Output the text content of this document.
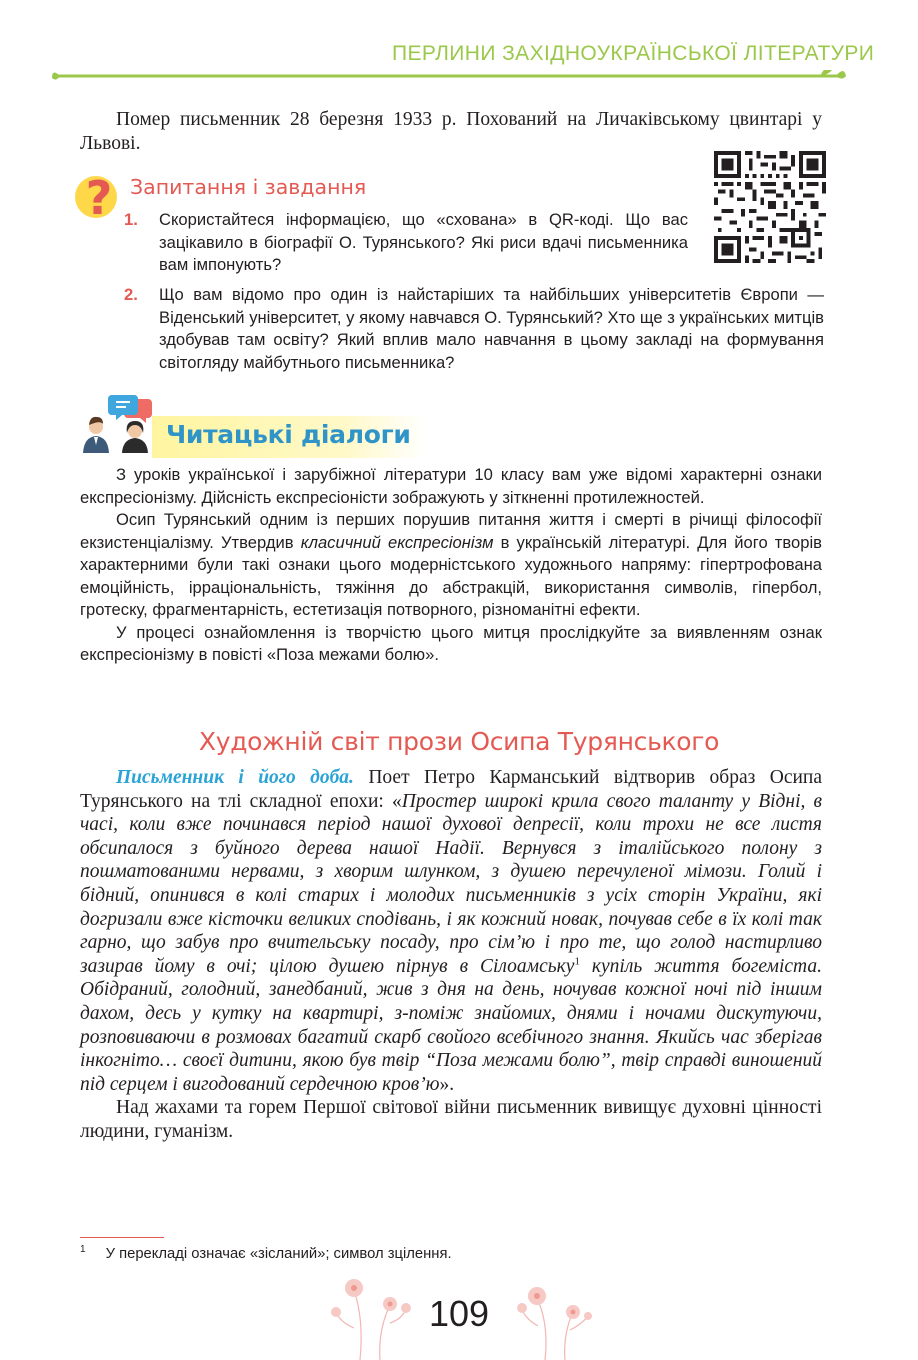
ПЕРЛИНИ ЗАХІДНОУКРАЇНСЬКОЇ ЛІТЕРАТУРИ

Помер письменник 28 березня 1933 р. Похований на Личаківському цвинтарі у Львові.

? Запитання і завдання
1. Скористайтеся інформацією, що «схована» в QR-коді. Що вас зацікавило в біографії О. Турянського? Які риси вдачі письменника вам імпонують?

2. Що вам відомо про один із найстаріших та найбільших університетів Європи — Віденський університет, у якому навчався О. Турянський? Хто ще з українських митців здобував там освіту? Який вплив мало навчання в цьому закладі на формування світогляду майбутнього письменника?

Читацькі діалоги

З уроків української і зарубіжної літератури 10 класу вам уже відомі характерні ознаки експресіонізму. Дійсність експресіоністи зображують у зіткненні протилежностей.

Осип Турянський одним із перших порушив питання життя і смерті в річищі філософії екзистенціалізму. Утвердив класичний експресіонізм в українській літературі. Для його творів характерними були такі ознаки цього модерністського художнього напряму: гіпертрофована емоційність, ірраціональність, тяжіння до абстракцій, використання символів, гіпербол, гротеску, фрагментарність, естетизація потворного, різноманітні ефекти.

У процесі ознайомлення із творчістю цього митця прослідкуйте за виявленням ознак експресіонізму в повісті «Поза межами болю».

Художній світ прози Осипа Турянського

Письменник і його доба. Поет Петро Карманський відтворив образ Осипа Турянського на тлі складної епохи: «Простер широкі крила свого таланту у Відні, в часі, коли вже починався період нашої духової депресії, коли трохи не все листя обсипалося з буйного дерева нашої Надії. Вернувся з італійського полону з пошматованими нервами, з хворим шлунком, з душею перечуленої мімози. Голий і бідний, опинився в колі старих і молодих письменників з усіх сторін України, які догризали вже кісточки великих сподівань, і як кожний новак, почував себе в їх колі так гарно, що забув про вчительську посаду, про сім’ю і про те, що голод настирливо зазирав йому в очі; цілою душею пірнув в Сілоамську$^1$ купіль життя богеміста. Обідраний, голодний, занедбаний, жив з дня на день, ночував кожної ночі під іншим дахом, десь у кутку на квартирі, з-поміж знайомих, днями і ночами дискутуючи, розповиваючи в розмовах багатий скарб свойого всебічного знання. Якийсь час зберігав інкогніто… своєї дитини, якою був твір “Поза межами болю”, твір справді виношений під серцем і вигодований сердечною кров’ю».

Над жахами та горем Першої світової війни письменник вивищує духовні цінності людини, гуманізм.

$^1$ У перекладі означає «зісланий»; символ зцілення.
109
